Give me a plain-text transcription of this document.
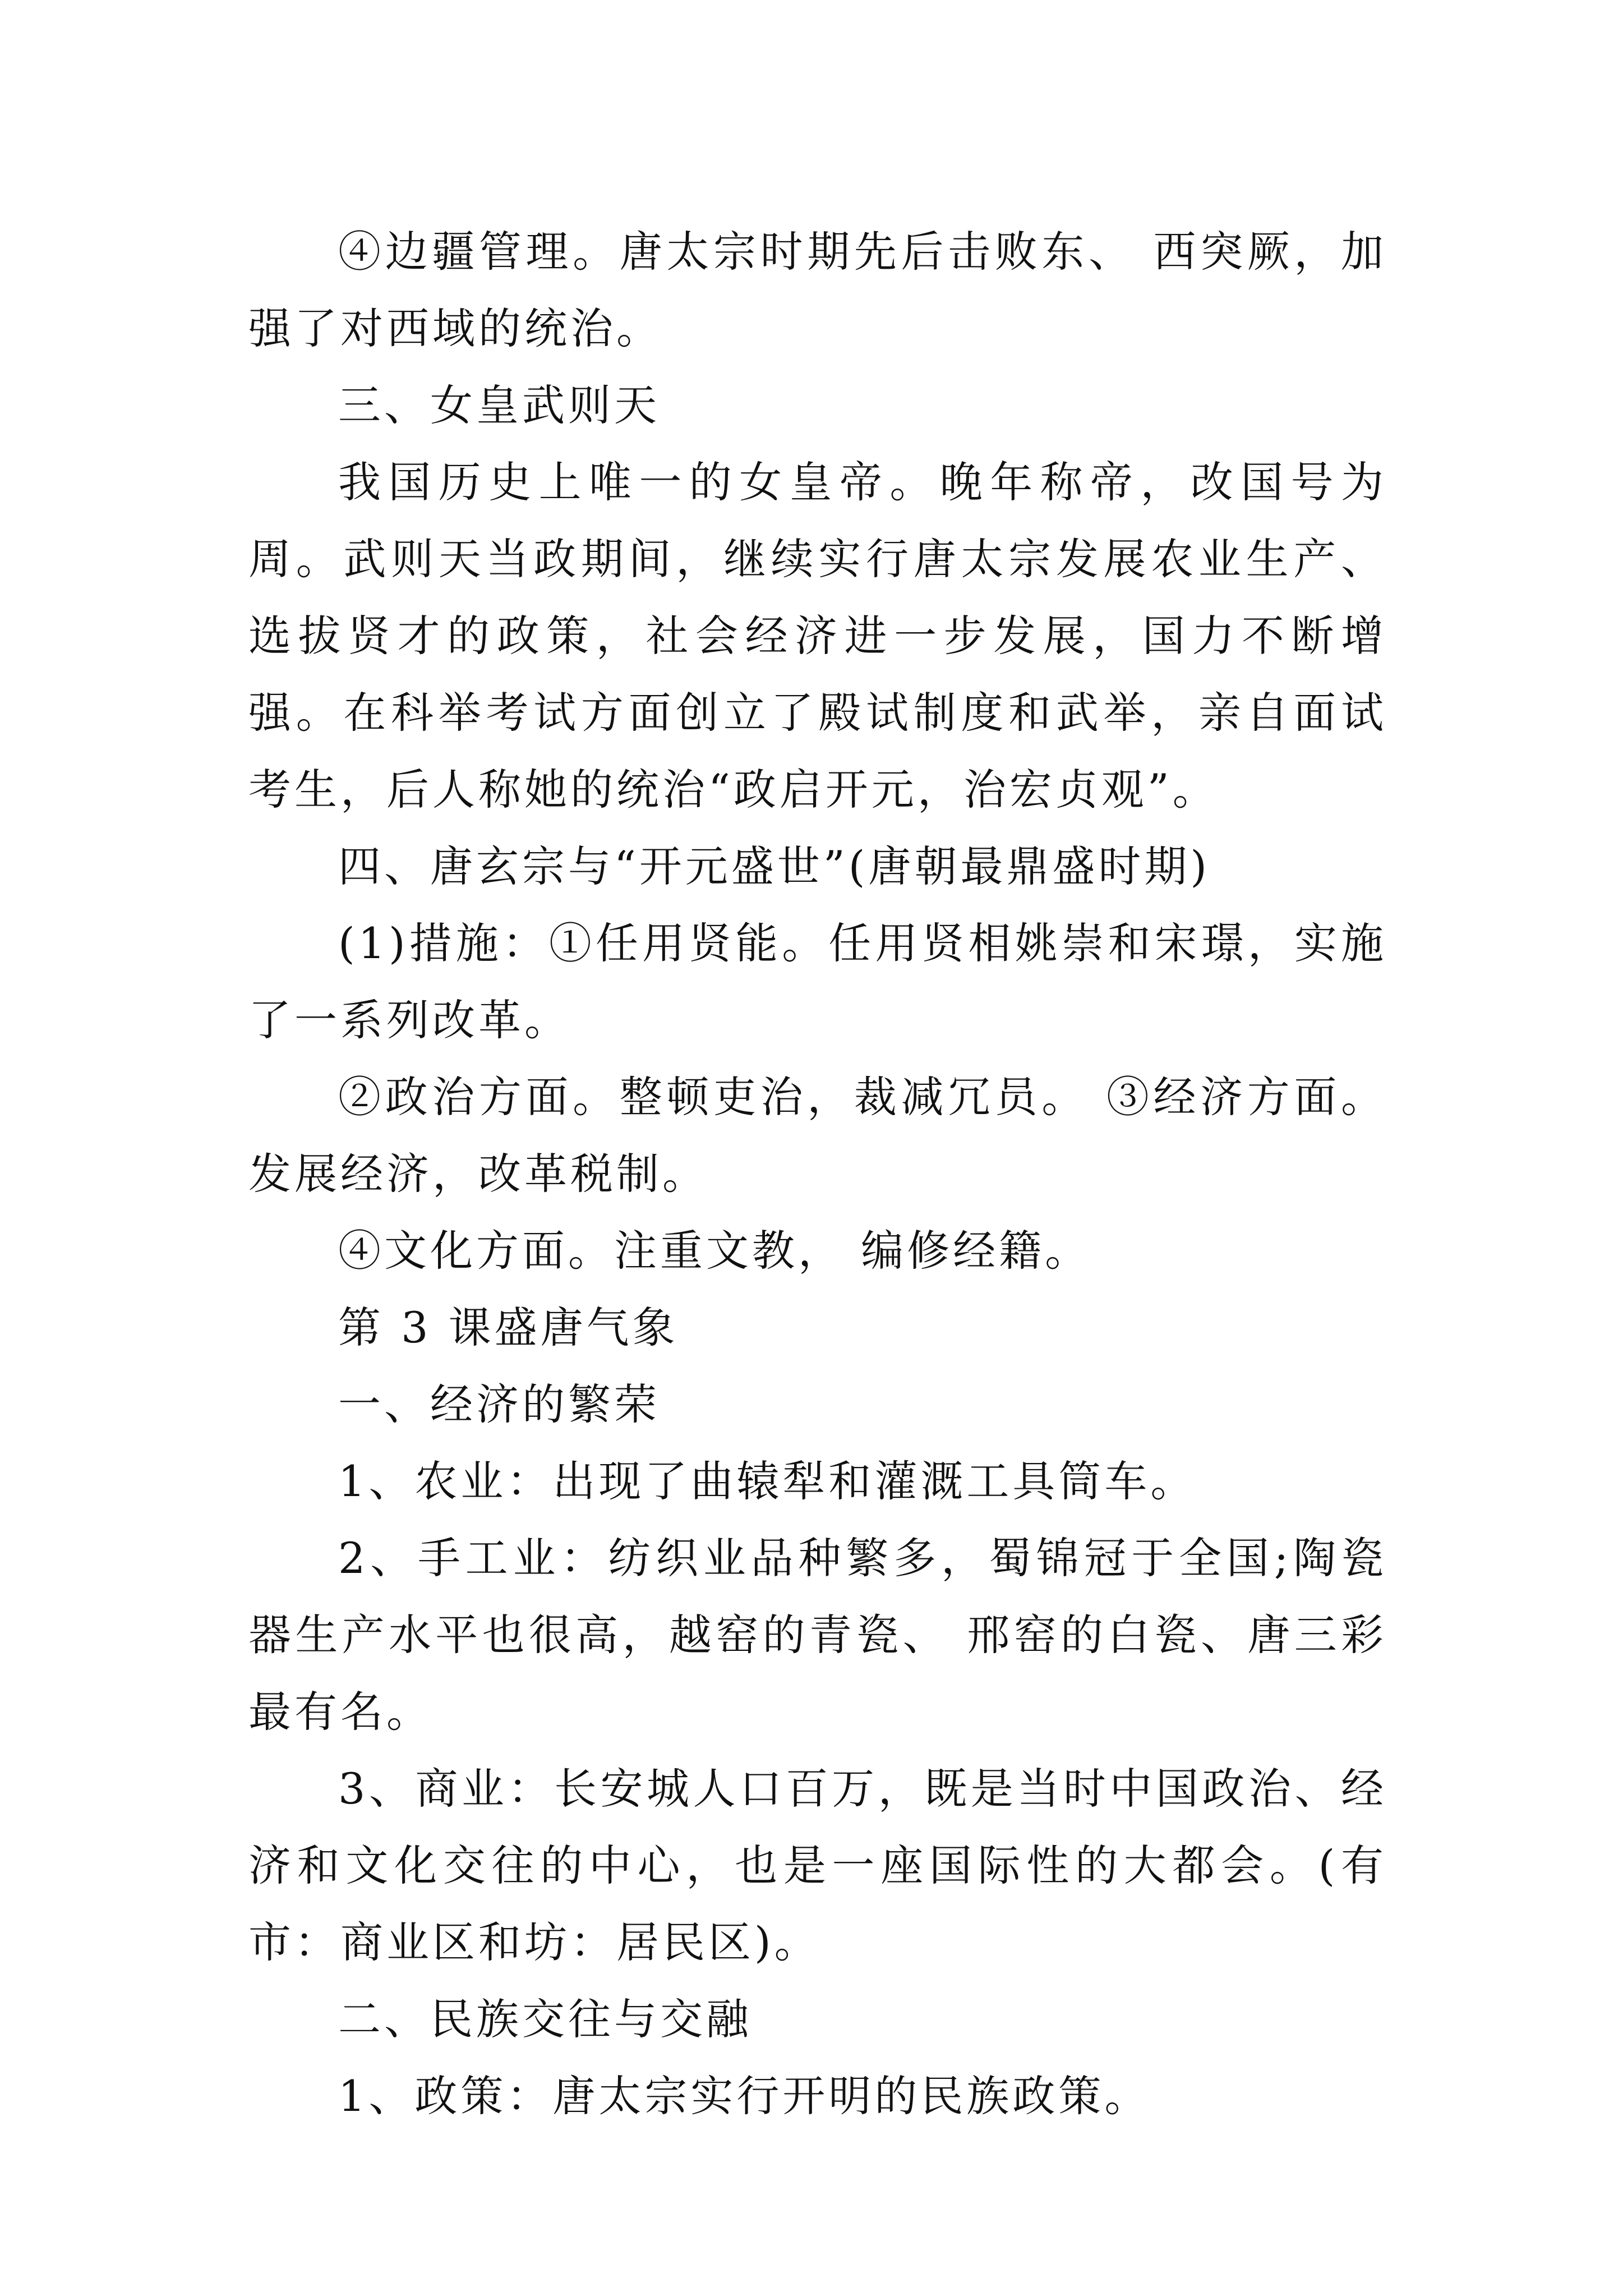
④边疆管理。唐太宗时期先后击败东、 西突厥，加强了对西域的统治。

三、女皇武则天

我国历史上唯一的女皇帝。晚年称帝，改国号为周。武则天当政期间，继续实行唐太宗发展农业生产、选拔贤才的政策，社会经济进一步发展，国力不断增强。在科举考试方面创立了殿试制度和武举，亲自面试考生，后人称她的统治“政启开元，治宏贞观”。

四、唐玄宗与“开元盛世”(唐朝最鼎盛时期)

(1)措施：①任用贤能。任用贤相姚崇和宋璟，实施了一系列改革。

②政治方面。整顿吏治，裁减冗员。 ③经济方面。发展经济，改革税制。

④文化方面。注重文教， 编修经籍。

第 3 课盛唐气象

一、经济的繁荣

1、农业：出现了曲辕犁和灌溉工具筒车。

2、手工业：纺织业品种繁多，蜀锦冠于全国;陶瓷器生产水平也很高，越窑的青瓷、 邢窑的白瓷、唐三彩最有名。

3、商业：长安城人口百万，既是当时中国政治、经济和文化交往的中心，也是一座国际性的大都会。(有市：商业区和坊：居民区)。

二、民族交往与交融

1、政策：唐太宗实行开明的民族政策。
